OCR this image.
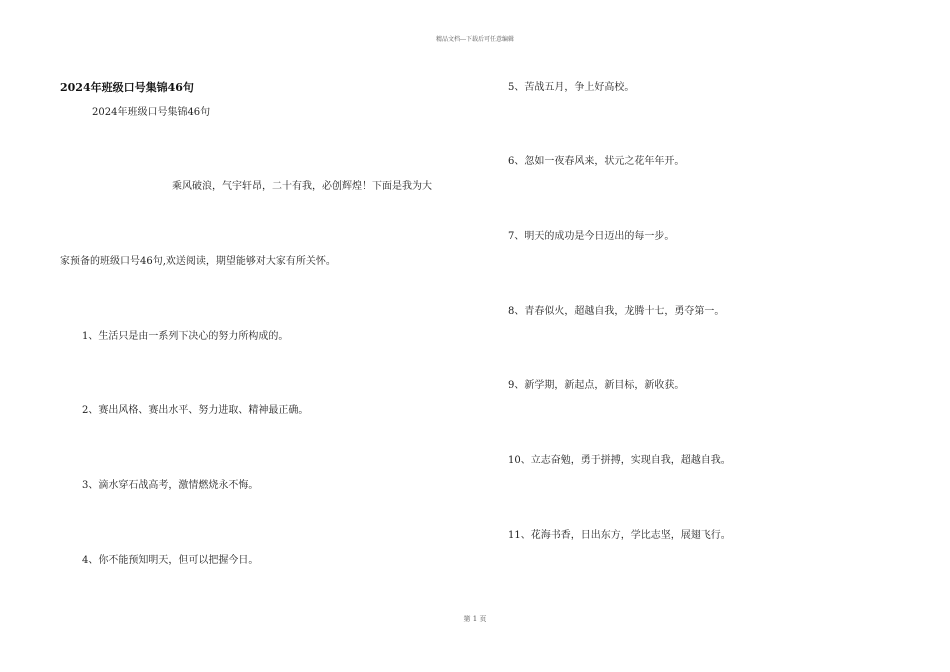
精品文档---下载后可任意编辑
2024年班级口号集锦46句
2024年班级口号集锦46句
乘风破浪，气宇轩昂，二十有我，必创辉煌！下面是我为大
家预备的班级口号46句,欢送阅读，期望能够对大家有所关怀。
1、生活只是由一系列下决心的努力所构成的。
2、赛出风格、赛出水平、努力进取、精神最正确。
3、滴水穿石战高考，激情燃烧永不悔。
4、你不能预知明天，但可以把握今日。
5、苦战五月，争上好高校。
6、忽如一夜春风来，状元之花年年开。
7、明天的成功是今日迈出的每一步。
8、青春似火，超越自我，龙腾十七，勇夺第一。
9、新学期，新起点，新目标，新收获。
10、立志奋勉，勇于拼搏，实现自我，超越自我。
11、花海书香，日出东方，学比志坚，展翅飞行。
第 1 页
